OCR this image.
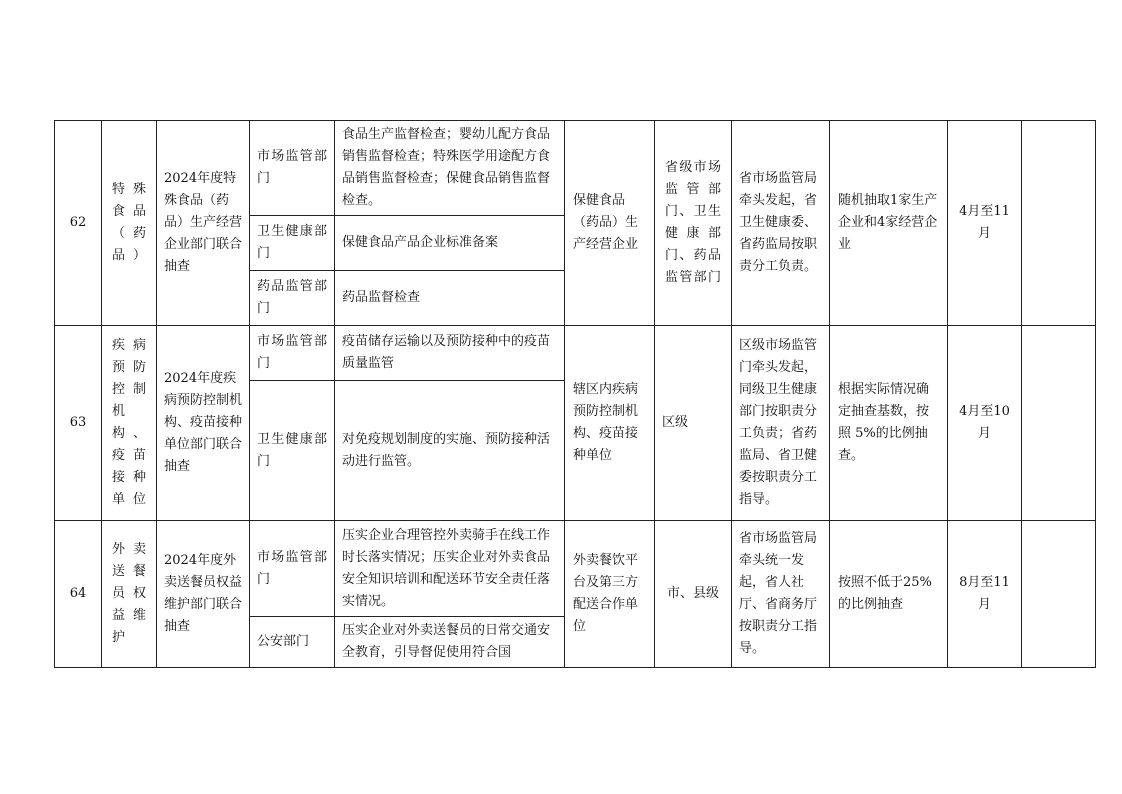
62	特殊食品（药品）	2024年度特殊食品（药品）生产经营企业部门联合抽查	市场监管部门	食品生产监督检查；婴幼儿配方食品销售监督检查；特殊医学用途配方食品销售监督检查；保健食品销售监督检查。	保健食品（药品）生产经营企业	省级市场监管部门、卫生健康部门、药品监管部门	省市场监管局牵头发起，省卫生健康委、省药监局按职责分工负责。	随机抽取1家生产企业和4家经营企业	4月至11月	
			卫生健康部门	保健食品产品企业标准备案						
			药品监管部门	药品监督检查						
63	疾病预防控制机构、疫苗接种单位	2024年度疾病预防控制机构、疫苗接种单位部门联合抽查	市场监管部门	疫苗储存运输以及预防接种中的疫苗质量监管	辖区内疾病预防控制机构、疫苗接种单位	区级	区级市场监管门牵头发起，同级卫生健康部门按职责分工负责；省药监局、省卫健委按职责分工指导。	根据实际情况确定抽查基数，按照 5%的比例抽查。	4月至10月	
			卫生健康部门	对免疫规划制度的实施、预防接种活动进行监管。						
64	外卖送餐员权益维护	2024年度外卖送餐员权益维护部门联合抽查	市场监管部门	压实企业合理管控外卖骑手在线工作时长落实情况；压实企业对外卖食品安全知识培训和配送环节安全责任落实情况。	外卖餐饮平台及第三方配送合作单位	市、县级	省市场监管局牵头统一发起，省人社厅、省商务厅按职责分工指导。	按照不低于25%的比例抽查	8月至11月	
			公安部门	压实企业对外卖送餐员的日常交通安全教育，引导督促使用符合国						
